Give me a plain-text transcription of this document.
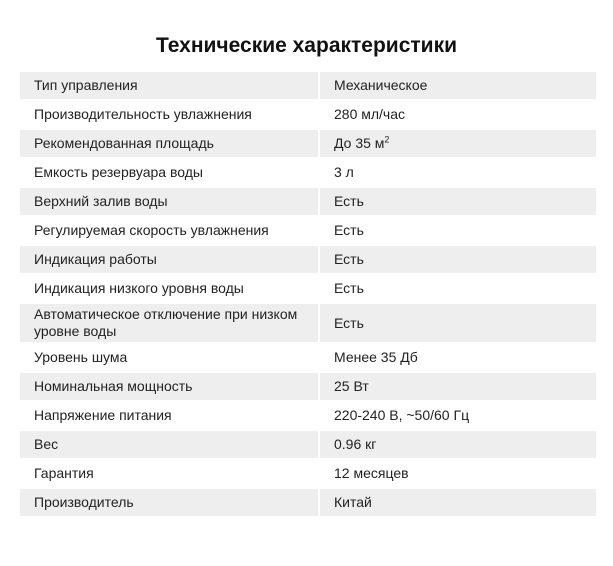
Технические характеристики
Тип управления	Механическое
Производительность увлажнения	280 мл/час
Рекомендованная площадь	До 35 $м^2$
Емкость резервуара воды	3 л
Верхний залив воды	Есть
Регулируемая скорость увлажнения	Есть
Индикация работы	Есть
Индикация низкого уровня воды	Есть
Автоматическое отключение при низком уровне воды	Есть
Уровень шума	Менее 35 Дб
Номинальная мощность	25 Вт
Напряжение питания	220-240 В, ~50/60 Гц
Вес	0.96 кг
Гарантия	12 месяцев
Производитель	Китай
